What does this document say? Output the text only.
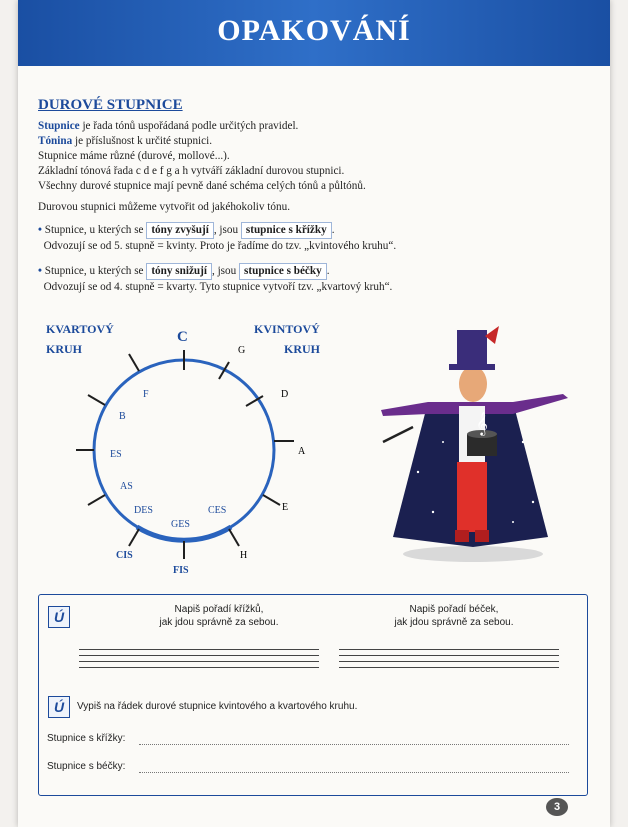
OPAKOVÁNÍ
DUROVÉ STUPNICE
Stupnice je řada tónů uspořádaná podle určitých pravidel.
Tónina je příslušnost k určité stupnici.
Stupnice máme různé (durové, mollové...).
Základní tónová řada c d e f g a h vytváří základní durovou stupnici.
Všechny durové stupnice mají pevně dané schéma celých tónů a půltónů.
Durovou stupnici můžeme vytvořit od jakéhokoliv tónu.
• Stupnice, u kterých se tóny zvyšují , jsou stupnice s křížky .
Odvozují se od 5. stupně = kvinty. Proto je řadíme do tzv. „kvintového kruhu“.
• Stupnice, u kterých se tóny snižují , jsou stupnice s béčky .
Odvozují se od 4. stupně = kvarty. Tyto stupnice vytvoří tzv. „kvartový kruh“.
KVARTOVÝ
KRUH
KVINTOVÝ
KRUH
C
G
D
A
E
H
FIS
CIS
F
B
ES
AS
DES
GES
CES
𝄞
Ú	Napiš pořadí křížků,
jak jdou správně za sebou.
Napiš pořadí béček,
jak jdou správně za sebou.
Ú	Vypiš na řádek durové stupnice kvintového a kvartového kruhu.
Stupnice s křížky:
Stupnice s béčky:
3
